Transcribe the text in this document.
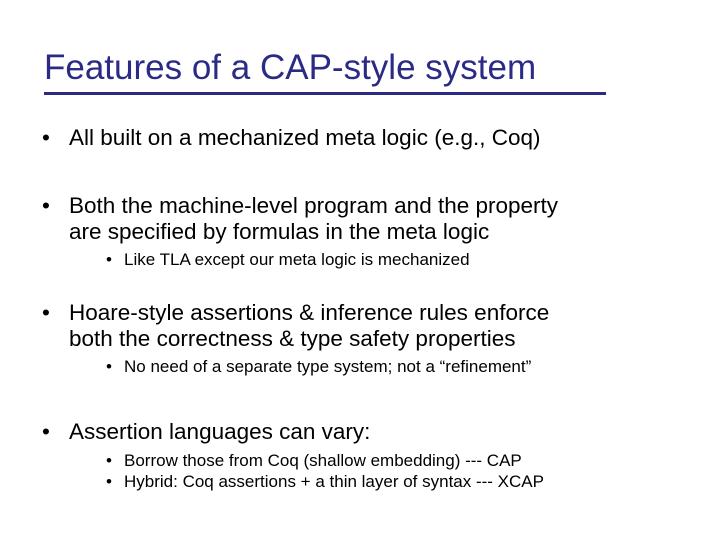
Features of a CAP-style system
• All built on a mechanized meta logic (e.g., Coq)
• Both the machine-level program and the property
are specified by formulas in the meta logic
• Like TLA except our meta logic is mechanized
• Hoare-style assertions & inference rules enforce
both the correctness & type safety properties
• No need of a separate type system; not a “refinement”
• Assertion languages can vary:
• Borrow those from Coq (shallow embedding) --- CAP
• Hybrid: Coq assertions + a thin layer of syntax --- XCAP
